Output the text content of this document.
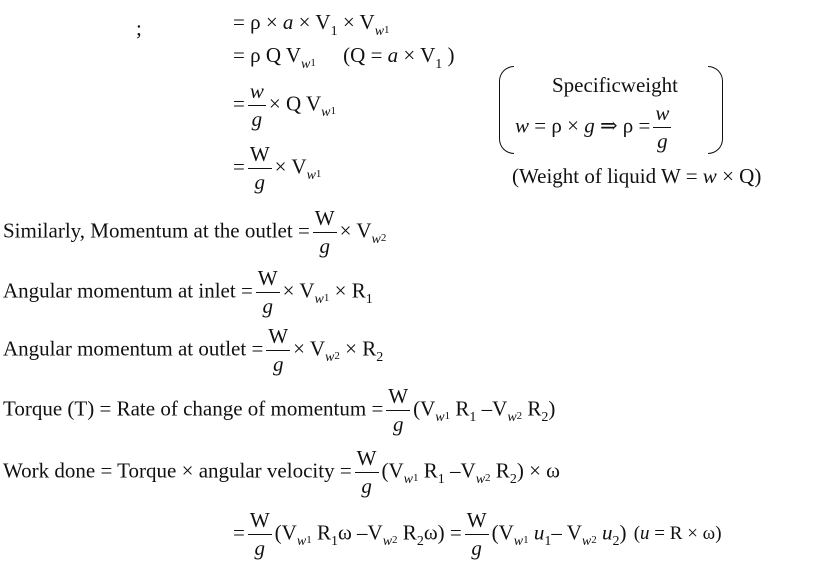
;	= $\rho \times a \times V_1 \times V_w1$
= ρ Q $V_w1$ ($Q = a \times V_1$ )
= $\frac{w}{g} \times Q$ $V_w1$
= $\frac{W}{g} \times V_w1$
Specificweight
w = ρ × g ⇒ $\rho = \frac{w}{g}$
(Weight of liquid W = w × Q)
Similarly, Momentum at the outlet = $\frac{W}{g} \times V_w2$
Angular momentum at inlet = $\frac{W}{g} \times V_w1 \times R_1$
Angular momentum at outlet = $\frac{W}{g} \times V_w2 \times R_2$
Torque (T) = Rate of change of momentum = $\frac{W}{g} (V_w1$ $R_1$ $-V_w2$ $R_2$)
Work done = Torque × angular velocity = $\frac{W}{g} (V_w1$ $R_1$ $-V_w2$ $R_2) \times \omega$
= $\frac{W}{g} (V_w1$ $R_1\omega$ $-V_w2$ $R_2\omega) = \frac{W}{g} (V_w1$ $u_1-$ $V_w2$ $u_2$) (u = R × ω)
